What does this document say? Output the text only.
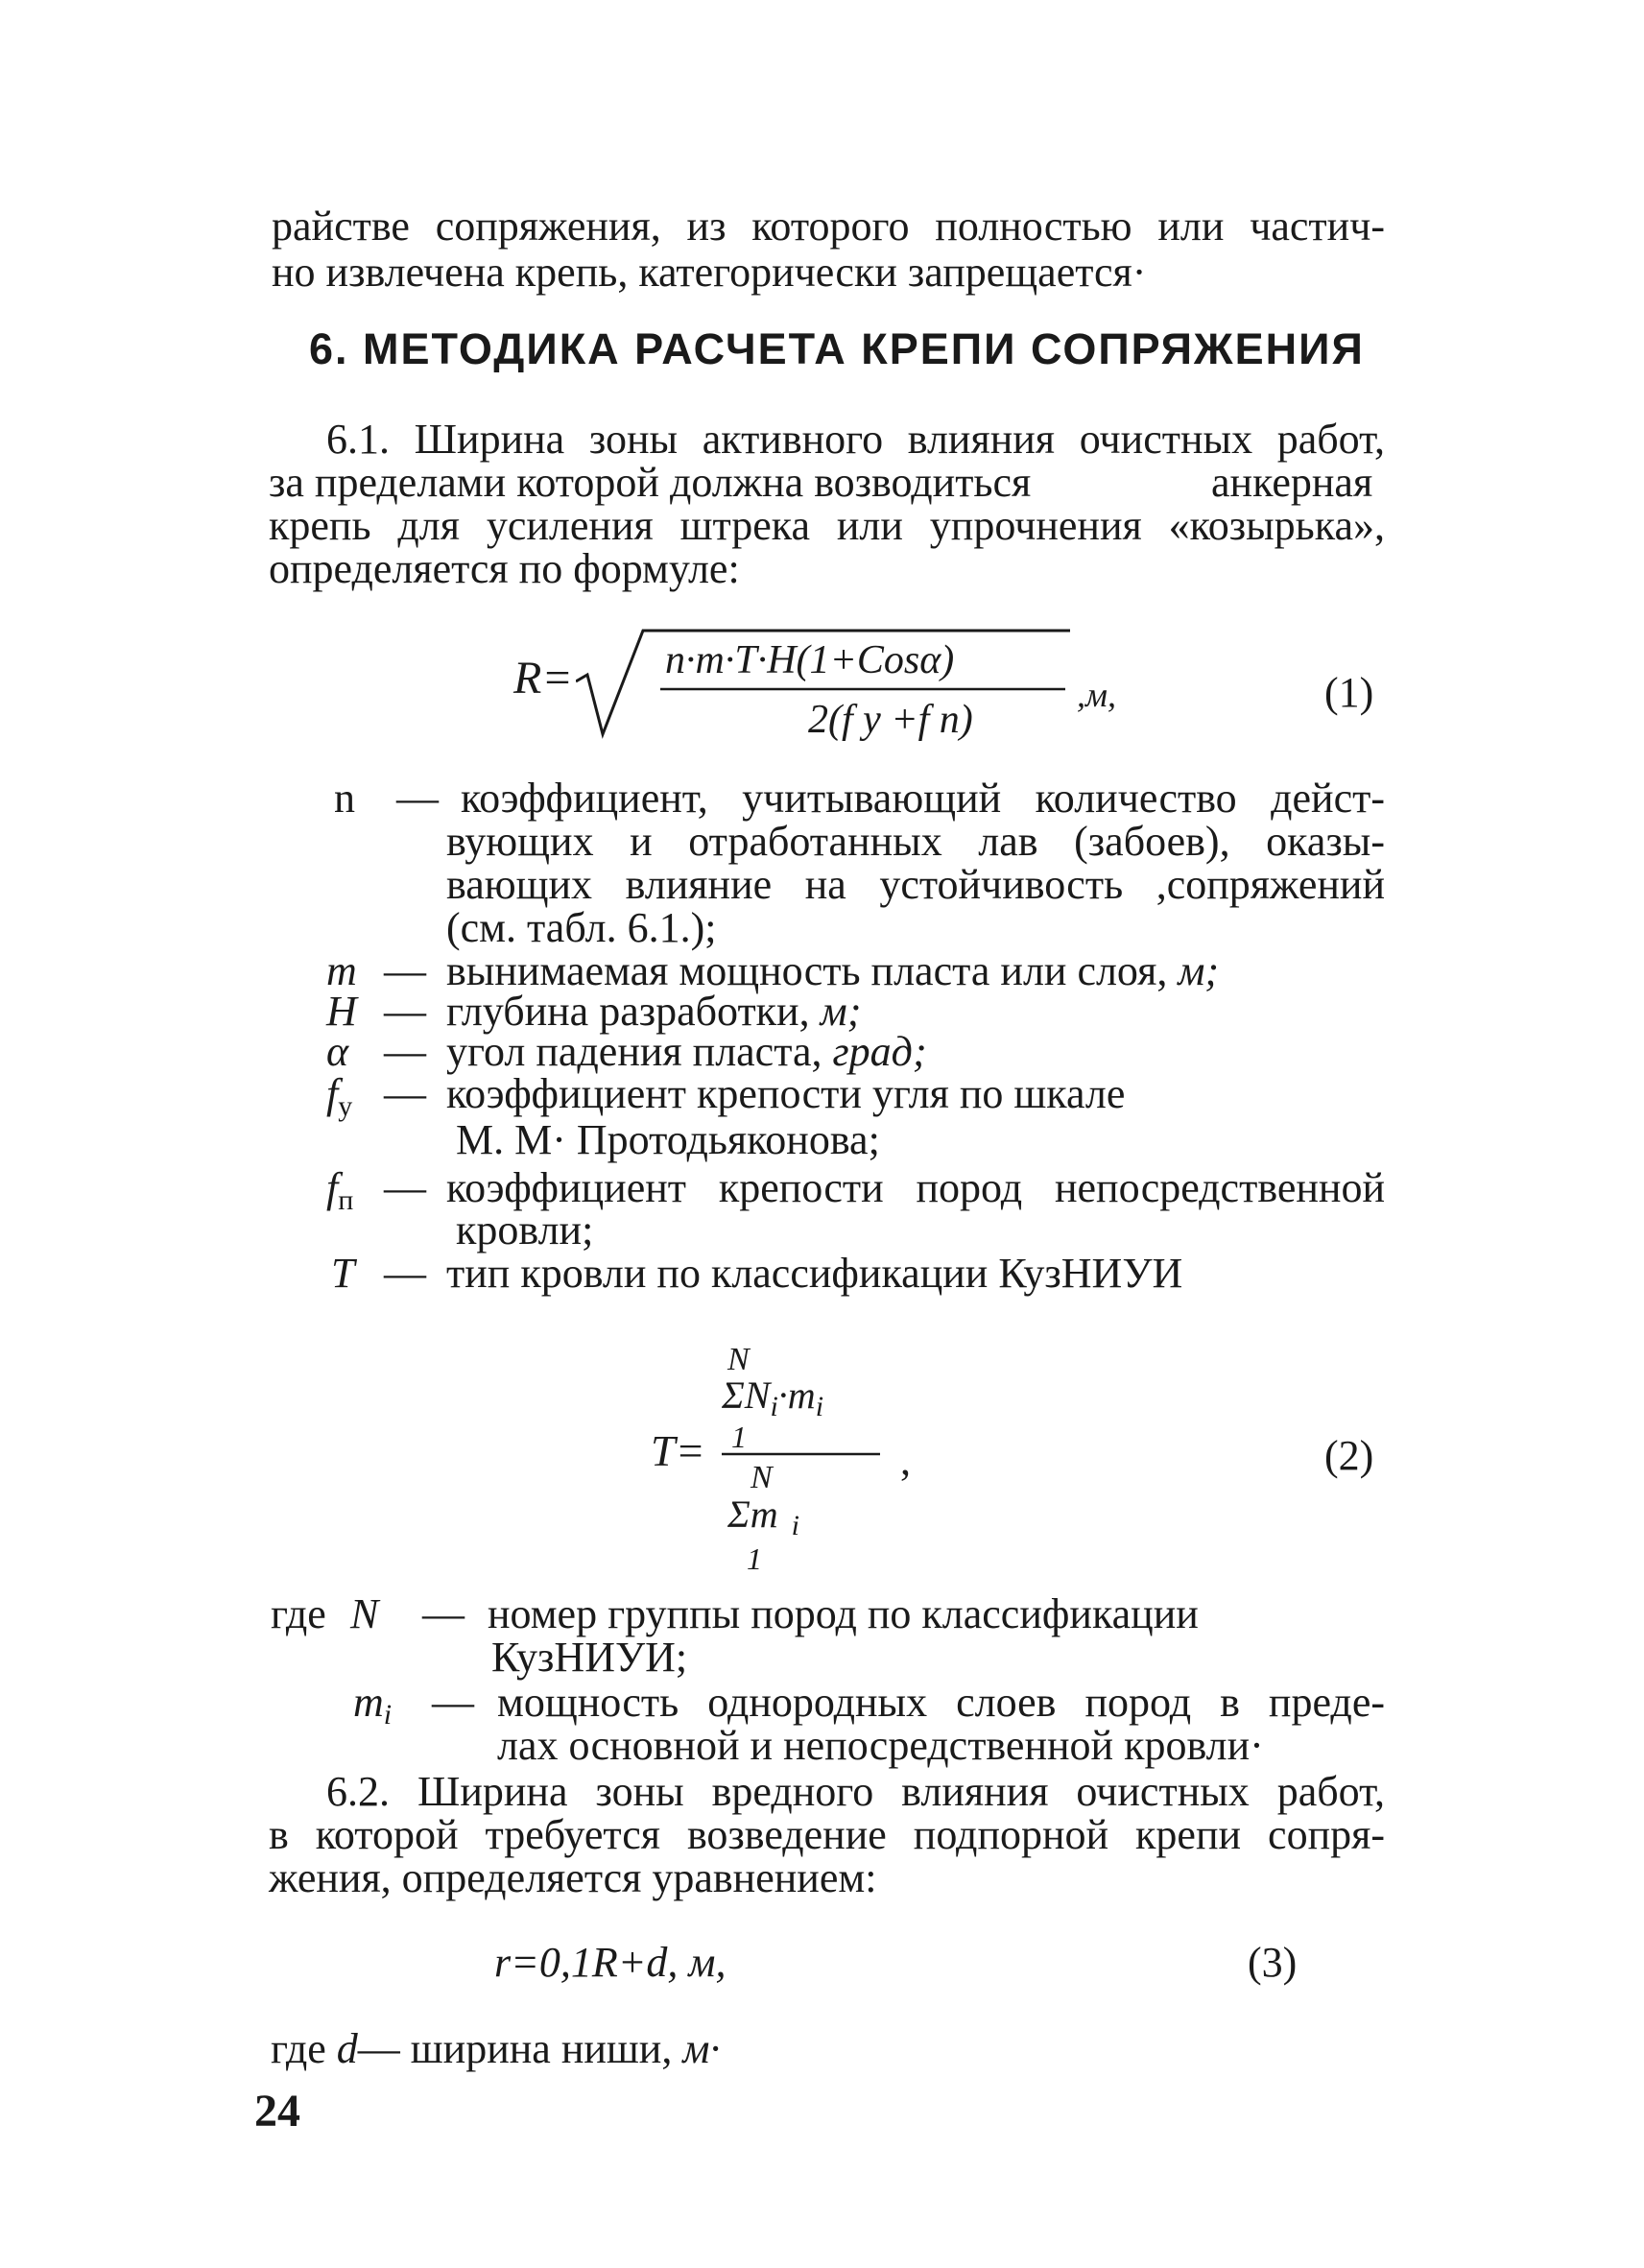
райстве сопряжения, из которого полностью или частич-
но извлечена крепь, категорически запрещается·
6. МЕТОДИКА РАСЧЕТА КРЕПИ СОПРЯЖЕНИЯ
6.1. Ширина зоны активного влияния очистных работ,
за пределами которой должна возводиться	анкерная
крепь для усиления штрека или упрочнения «козырька»,
определяется по формуле:
R= n·m·T·H(1+Cosα)
2(f у +f п)
,м,	(1)
n — коэффициент, учитывающий количество дейст-
вующих и отработанных лав (забоев), оказы-
вающих влияние на устойчивость ,сопряжений
(см. табл. 6.1.);
m — вынимаемая мощность пласта или слоя, м;
H — глубина разработки, м;
α — угол падения пласта, град;
$f_у$ — коэффициент крепости угля по шкале
М. М· Протодьяконова;
$f_п$ — коэффициент крепости пород непосредственной
кровли;
T — тип кровли по классификации КузНИУИ
N
$\Sigma N_i\cdot m_i$
1
T=
N
Σm $_i$
1
,	(2)
где N — номер группы пород по классификации
КузНИУИ;
$m_i$ — мощность однородных слоев пород в преде-
лах основной и непосредственной кровли·
6.2. Ширина зоны вредного влияния очистных работ,
в которой требуется возведение подпорной крепи сопря-
жения, определяется уравнением:
r=0,1R+d, м,	(3)
где d— ширина ниши, м·
24
